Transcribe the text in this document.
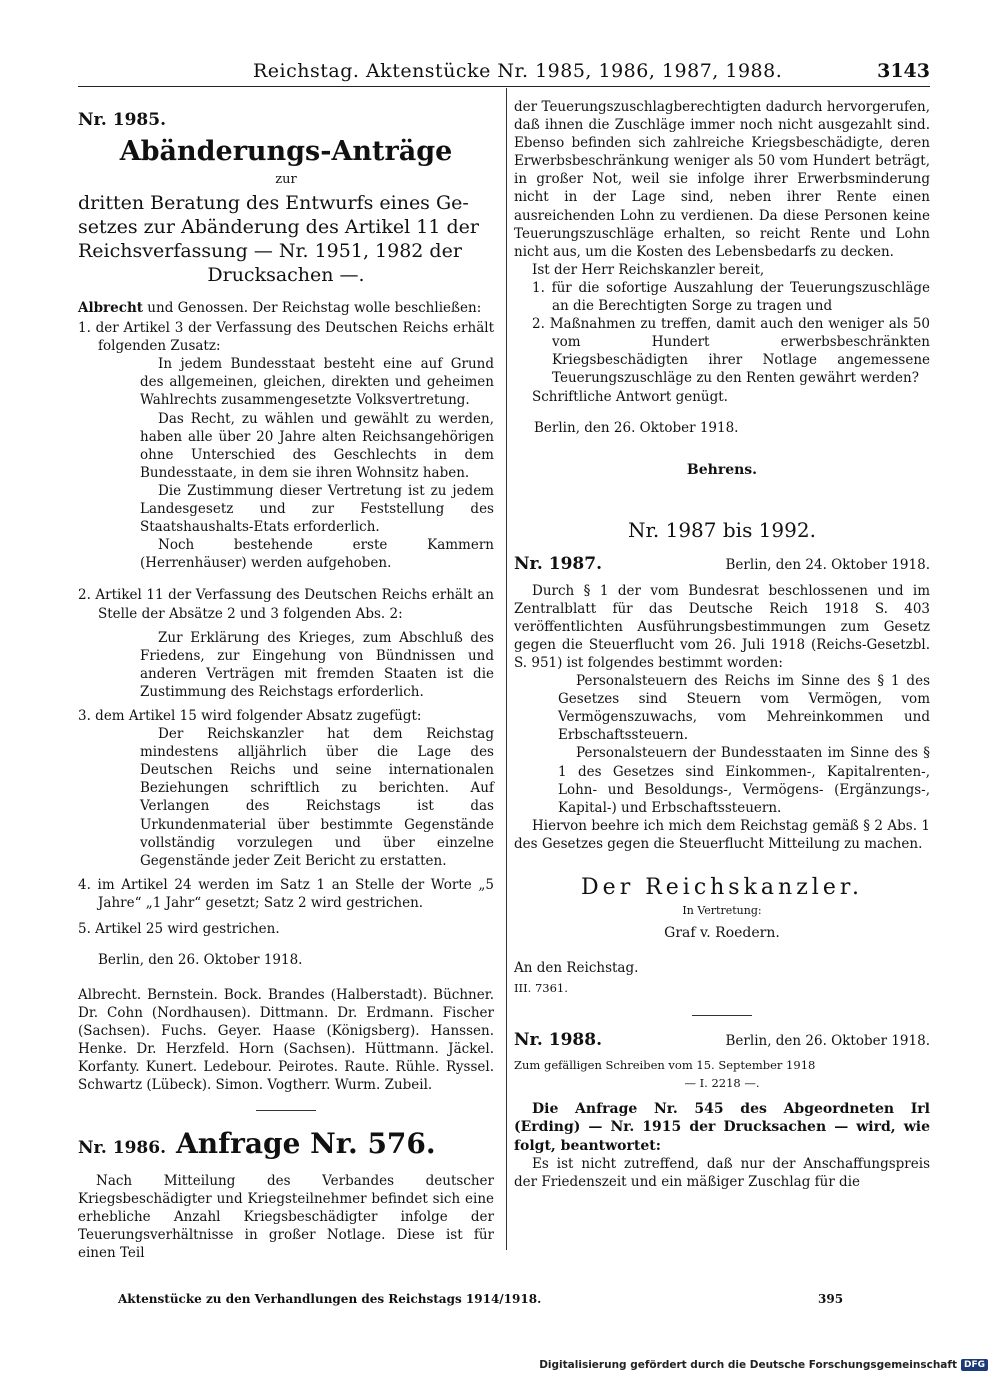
Reichstag. Aktenstücke Nr. 1985, 1986, 1987, 1988.	3143
Nr. 1985.
Abänderungs-Anträge
zur
dritten Beratung des Entwurfs eines Ge-
setzes zur Abänderung des Artikel 11 der
Reichsverfassung — Nr. 1951, 1982 der
Drucksachen —.
Albrecht und Genossen. Der Reichstag wolle beschließen:
1. der Artikel 3 der Verfassung des Deutschen Reichs erhält folgenden Zusatz:
In jedem Bundesstaat besteht eine auf Grund des allgemeinen, gleichen, direkten und geheimen Wahlrechts zusammengesetzte Volksvertretung.
Das Recht, zu wählen und gewählt zu werden, haben alle über 20 Jahre alten Reichsangehörigen ohne Unterschied des Geschlechts in dem Bundesstaate, in dem sie ihren Wohnsitz haben.
Die Zustimmung dieser Vertretung ist zu jedem Landesgesetz und zur Feststellung des Staatshaushalts-Etats erforderlich.
Noch bestehende erste Kammern (Herrenhäuser) werden aufgehoben.
2. Artikel 11 der Verfassung des Deutschen Reichs erhält an Stelle der Absätze 2 und 3 folgenden Abs. 2:
Zur Erklärung des Krieges, zum Abschluß des Friedens, zur Eingehung von Bündnissen und anderen Verträgen mit fremden Staaten ist die Zustimmung des Reichstags erforderlich.
3. dem Artikel 15 wird folgender Absatz zugefügt:
Der Reichskanzler hat dem Reichstag mindestens alljährlich über die Lage des Deutschen Reichs und seine internationalen Beziehungen schriftlich zu berichten. Auf Verlangen des Reichstags ist das Urkundenmaterial über bestimmte Gegenstände vollständig vorzulegen und über einzelne Gegenstände jeder Zeit Bericht zu erstatten.
4. im Artikel 24 werden im Satz 1 an Stelle der Worte „5 Jahre“ „1 Jahr“ gesetzt; Satz 2 wird gestrichen.
5. Artikel 25 wird gestrichen.
Berlin, den 26. Oktober 1918.
Albrecht. Bernstein. Bock. Brandes (Halberstadt). Büchner. Dr. Cohn (Nordhausen). Dittmann. Dr. Erdmann. Fischer (Sachsen). Fuchs. Geyer. Haase (Königsberg). Hanssen. Henke. Dr. Herzfeld. Horn (Sachsen). Hüttmann. Jäckel. Korfanty. Kunert. Ledebour. Peirotes. Raute. Rühle. Ryssel. Schwartz (Lübeck). Simon. Vogtherr. Wurm. Zubeil.
Nr. 1986. Anfrage Nr. 576.
Nach Mitteilung des Verbandes deutscher Kriegsbeschädigter und Kriegsteilnehmer befindet sich eine erhebliche Anzahl Kriegsbeschädigter infolge der Teuerungsverhältnisse in großer Notlage. Diese ist für einen Teil
der Teuerungszuschlagberechtigten dadurch hervorgerufen, daß ihnen die Zuschläge immer noch nicht ausgezahlt sind. Ebenso befinden sich zahlreiche Kriegsbeschädigte, deren Erwerbsbeschränkung weniger als 50 vom Hundert beträgt, in großer Not, weil sie infolge ihrer Erwerbsminderung nicht in der Lage sind, neben ihrer Rente einen ausreichenden Lohn zu verdienen. Da diese Personen keine Teuerungszuschläge erhalten, so reicht Rente und Lohn nicht aus, um die Kosten des Lebensbedarfs zu decken.
Ist der Herr Reichskanzler bereit,
1. für die sofortige Auszahlung der Teuerungszuschläge an die Berechtigten Sorge zu tragen und
2. Maßnahmen zu treffen, damit auch den weniger als 50 vom Hundert erwerbsbeschränkten Kriegsbeschädigten ihrer Notlage angemessene Teuerungszuschläge zu den Renten gewährt werden?
Schriftliche Antwort genügt.
Berlin, den 26. Oktober 1918.
Behrens.
Nr. 1987 bis 1992.
Nr. 1987.	Berlin, den 24. Oktober 1918.
Durch § 1 der vom Bundesrat beschlossenen und im Zentralblatt für das Deutsche Reich 1918 S. 403 veröffentlichten Ausführungsbestimmungen zum Gesetz gegen die Steuerflucht vom 26. Juli 1918 (Reichs-Gesetzbl. S. 951) ist folgendes bestimmt worden:
Personalsteuern des Reichs im Sinne des § 1 des Gesetzes sind Steuern vom Vermögen, vom Vermögenszuwachs, vom Mehreinkommen und Erbschaftssteuern.
Personalsteuern der Bundesstaaten im Sinne des § 1 des Gesetzes sind Einkommen-, Kapitalrenten-, Lohn- und Besoldungs-, Vermögens- (Ergänzungs-, Kapital-) und Erbschaftssteuern.
Hiervon beehre ich mich dem Reichstag gemäß § 2 Abs. 1 des Gesetzes gegen die Steuerflucht Mitteilung zu machen.
Der Reichskanzler.
In Vertretung:
Graf v. Roedern.
An den Reichstag.
III. 7361.
Nr. 1988.	Berlin, den 26. Oktober 1918.
Zum gefälligen Schreiben vom 15. September 1918
— I. 2218 —.
Die Anfrage Nr. 545 des Abgeordneten Irl (Erding) — Nr. 1915 der Drucksachen — wird, wie folgt, beantwortet:
Es ist nicht zutreffend, daß nur der Anschaffungspreis der Friedenszeit und ein mäßiger Zuschlag für die
Aktenstücke zu den Verhandlungen des Reichstags 1914/1918.	395
Digitalisierung gefördert durch die Deutsche Forschungsgemeinschaft DFG
